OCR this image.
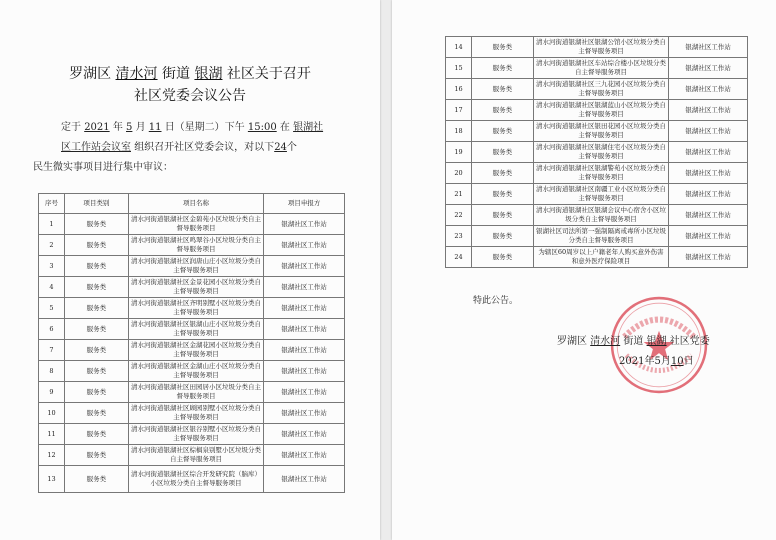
罗湖区 清水河 街道 银湖 社区关于召开
社区党委会议公告

定于 2021 年 5 月 11 日（星期二）下午 15:00 在 银湖社区工作站会议室 组织召开社区党委会议，对以下24个

民生微实事项目进行集中审议：

序号	项目类别	项目名称	项目申报方
1	服务类	清水河街道银湖社区金碧苑小区垃圾分类自主督导服务项目	银湖社区工作站
2	服务类	清水河街道银湖社区鸣翠谷小区垃圾分类自主督导服务项目	银湖社区工作站
3	服务类	清水河街道银湖社区润唐山庄小区垃圾分类自主督导服务项目	银湖社区工作站
4	服务类	清水河街道银湖社区金景花园小区垃圾分类自主督导服务项目	银湖社区工作站
5	服务类	清水河街道银湖社区齐明别墅小区垃圾分类自主督导服务项目	银湖社区工作站
6	服务类	清水河街道银湖社区银湖山庄小区垃圾分类自主督导服务项目	银湖社区工作站
7	服务类	清水河街道银湖社区金湖花园小区垃圾分类自主督导服务项目	银湖社区工作站
8	服务类	清水河街道银湖社区金湖山庄小区垃圾分类自主督导服务项目	银湖社区工作站
9	服务类	清水河街道银湖社区田园居小区垃圾分类自主督导服务项目	银湖社区工作站
10	服务类	清水河街道银湖社区顾园别墅小区垃圾分类自主督导服务项目	银湖社区工作站
11	服务类	清水河街道银湖社区银谷别墅小区垃圾分类自主督导服务项目	银湖社区工作站
12	服务类	清水河街道银湖社区棕榈泉别墅小区垃圾分类自主督导服务项目	银湖社区工作站
13	服务类	清水河街道银湖社区综合开发研究院（脑库）小区垃圾分类自主督导服务项目	银湖社区工作站
14	服务类	清水河街道银湖社区银湖公馆小区垃圾分类自主督导服务项目	银湖社区工作站
15	服务类	清水河街道银湖社区车站综合楼小区垃圾分类自主督导服务项目	银湖社区工作站
16	服务类	清水河街道银湖社区三九花园小区垃圾分类自主督导服务项目	银湖社区工作站
17	服务类	清水河街道银湖社区银湖蓝山小区垃圾分类自主督导服务项目	银湖社区工作站
18	服务类	清水河街道银湖社区银田花园小区垃圾分类自主督导服务项目	银湖社区工作站
19	服务类	清水河街道银湖社区银湖住宅小区垃圾分类自主督导服务项目	银湖社区工作站
20	服务类	清水河街道银湖社区银湖警苑小区垃圾分类自主督导服务项目	银湖社区工作站
21	服务类	清水河街道银湖社区南疆工业小区垃圾分类自主督导服务项目	银湖社区工作站
22	服务类	清水河街道银湖社区银湖会议中心宿舍小区垃圾分类自主督导服务项目	银湖社区工作站
23	服务类	银湖社区司法所第一强制隔离戒毒所小区垃圾分类自主督导服务项目	银湖社区工作站
24	服务类	为辖区60周岁以上户籍老年人购买意外伤害和意外医疗保险项目	银湖社区工作站
特此公告。
罗湖区 清水河 街道 银湖 社区党委
2021年5月10日
